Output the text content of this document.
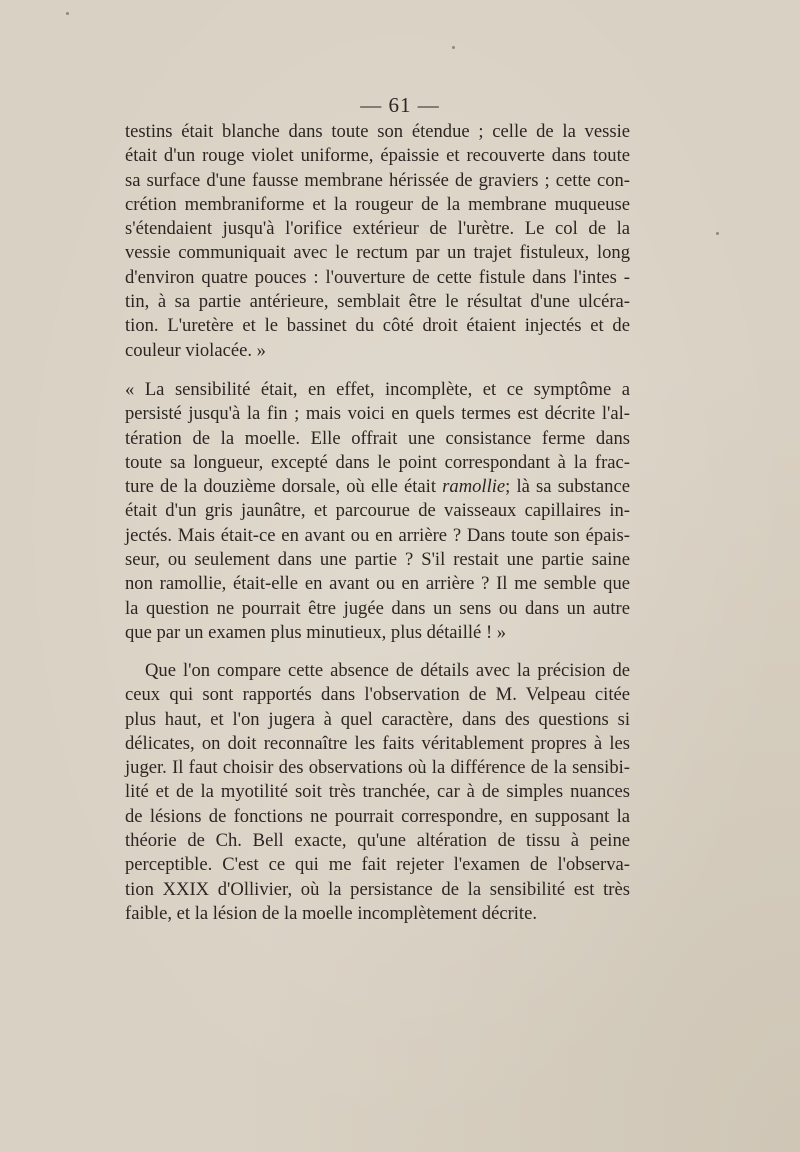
— 61 —
testins était blanche dans toute son étendue ; celle de la vessie
était d'un rouge violet uniforme, épaissie et recouverte dans toute
sa surface d'une fausse membrane hérissée de graviers ; cette con-
crétion membraniforme et la rougeur de la membrane muqueuse
s'étendaient jusqu'à l'orifice extérieur de l'urètre. Le col de la
vessie communiquait avec le rectum par un trajet fistuleux, long
d'environ quatre pouces : l'ouverture de cette fistule dans l'intes -
tin, à sa partie antérieure, semblait être le résultat d'une ulcéra-
tion. L'uretère et le bassinet du côté droit étaient injectés et de
couleur violacée. »
« La sensibilité était, en effet, incomplète, et ce symptôme a
persisté jusqu'à la fin ; mais voici en quels termes est décrite l'al-
tération de la moelle. Elle offrait une consistance ferme dans
toute sa longueur, excepté dans le point correspondant à la frac-
ture de la douzième dorsale, où elle était ramollie; là sa substance
était d'un gris jaunâtre, et parcourue de vaisseaux capillaires in-
jectés. Mais était-ce en avant ou en arrière ? Dans toute son épais-
seur, ou seulement dans une partie ? S'il restait une partie saine
non ramollie, était-elle en avant ou en arrière ? Il me semble que
la question ne pourrait être jugée dans un sens ou dans un autre
que par un examen plus minutieux, plus détaillé ! »
Que l'on compare cette absence de détails avec la précision de
ceux qui sont rapportés dans l'observation de M. Velpeau citée
plus haut, et l'on jugera à quel caractère, dans des questions si
délicates, on doit reconnaître les faits véritablement propres à les
juger. Il faut choisir des observations où la différence de la sensibi-
lité et de la myotilité soit très tranchée, car à de simples nuances
de lésions de fonctions ne pourrait correspondre, en supposant la
théorie de Ch. Bell exacte, qu'une altération de tissu à peine
perceptible. C'est ce qui me fait rejeter l'examen de l'observa-
tion XXIX d'Ollivier, où la persistance de la sensibilité est très
faible, et la lésion de la moelle incomplètement décrite.
